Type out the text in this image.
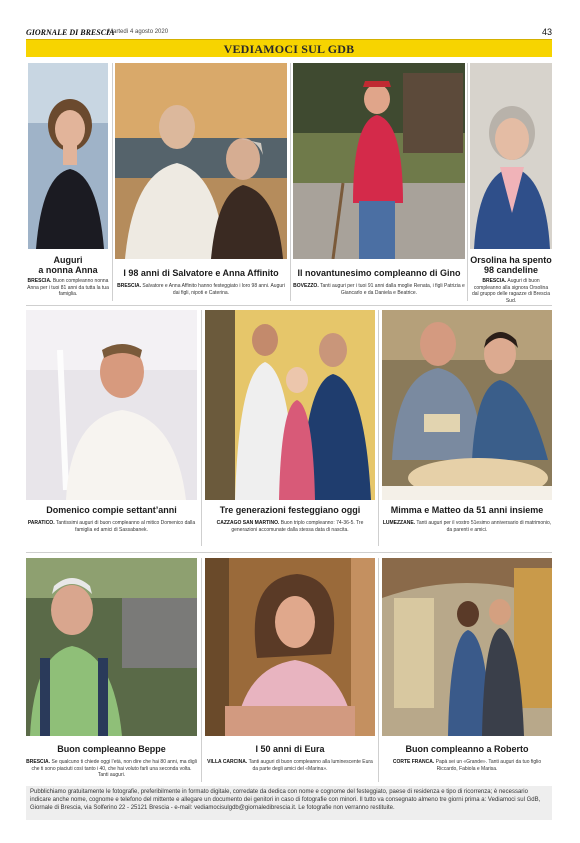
GIORNALE DI BRESCIA
Martedì 4 agosto 2020	43
VEDIAMOCI SUL GDB
Auguri
a nonna Anna
BRESCIA. Buon compleanno nonna Anna per i tuoi 81 anni da tutta la tua famiglia.
I 98 anni di Salvatore e Anna Affinito
BRESCIA. Salvatore e Anna Affinito hanno festeggiato i loro 98 anni. Auguri dai figli, nipoti e Caterina.
Il novantunesimo compleanno di Gino
BOVEZZO. Tanti auguri per i tuoi 91 anni dalla moglie Renata, i figli Patrizia e Giancarlo e da Daniela e Beatrice.
Orsolina ha spento
98 candeline
BRESCIA. Auguri di buon compleanno alla signora Orsolina dal gruppo delle ragazze di Brescia Sud.
Domenico compie settant’anni
PARATICO. Tantissimi auguri di buon compleanno al mitico Domenico dalla famiglia ed amici di Sassabanek.
Tre generazioni festeggiano oggi
CAZZAGO SAN MARTINO. Buon triplo compleanno: 74-36-5. Tre generazioni accomunate dalla stessa data di nascita.
Mimma e Matteo da 51 anni insieme
LUMEZZANE. Tanti auguri per il vostro 51esimo anniversario di matrimonio, da parenti e amici.
Buon compleanno Beppe
BRESCIA. Se qualcuno ti chiede oggi l’età, non dire che hai 80 anni, ma digli che ti sono piaciuti così tanto i 40, che hai voluto farli una seconda volta. Tanti auguri.
I 50 anni di Eura
VILLA CARCINA. Tanti auguri di buon compleanno alla luminescente Eura da parte degli amici del «Marina».
Buon compleanno a Roberto
CORTE FRANCA. Papà sei un «Grande». Tanti auguri da tuo figlio Riccardo, Fabiola e Marisa.
Pubblichiamo gratuitamente le fotografie, preferibilmente in formato digitale, corredate da dedica con nome e cognome del festeggiato, paese di residenza e tipo di ricorrenza; è necessario indicare anche nome, cognome e telefono del mittente e allegare un documento dei genitori in caso di fotografie con minori. Il tutto va consegnato almeno tre giorni prima a: Vediamoci sul GdB, Giornale di Brescia, via Solferino 22 - 25121 Brescia - e-mail: vediamocisulgdb@giornaledibrescia.it. Le fotografie non verranno restituite.
